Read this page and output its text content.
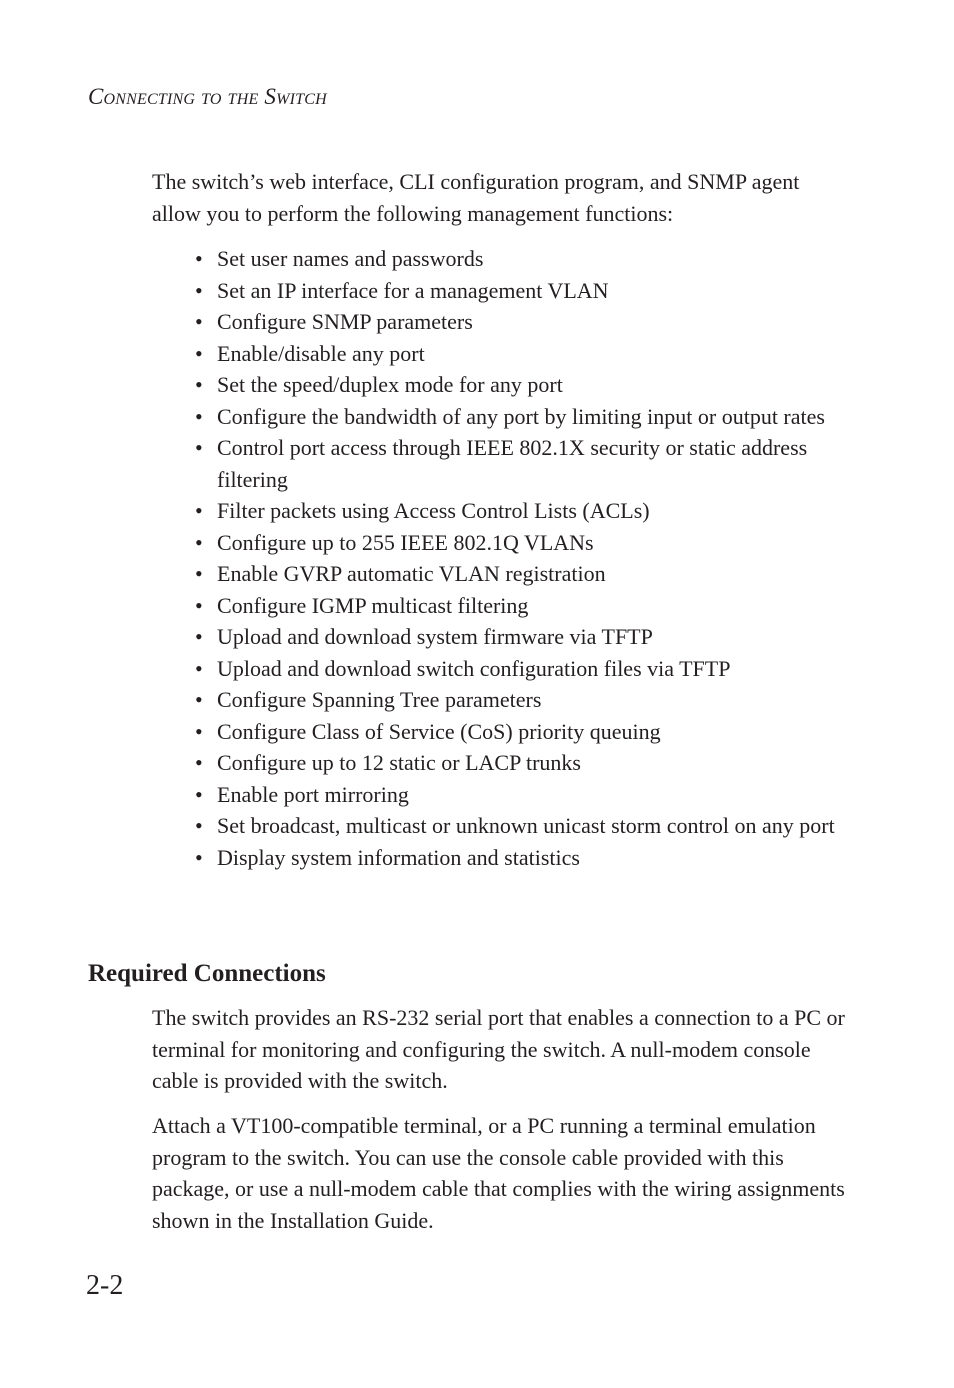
Connecting to the Switch

The switch’s web interface, CLI configuration program, and SNMP agent allow you to perform the following management functions:

• Set user names and passwords
• Set an IP interface for a management VLAN
• Configure SNMP parameters
• Enable/disable any port
• Set the speed/duplex mode for any port
• Configure the bandwidth of any port by limiting input or output rates
• Control port access through IEEE 802.1X security or static address filtering
• Filter packets using Access Control Lists (ACLs)
• Configure up to 255 IEEE 802.1Q VLANs
• Enable GVRP automatic VLAN registration
• Configure IGMP multicast filtering
• Upload and download system firmware via TFTP
• Upload and download switch configuration files via TFTP
• Configure Spanning Tree parameters
• Configure Class of Service (CoS) priority queuing
• Configure up to 12 static or LACP trunks
• Enable port mirroring
• Set broadcast, multicast or unknown unicast storm control on any port
• Display system information and statistics
Required Connections

The switch provides an RS-232 serial port that enables a connection to a PC or terminal for monitoring and configuring the switch. A null-modem console cable is provided with the switch.

Attach a VT100-compatible terminal, or a PC running a terminal emulation program to the switch. You can use the console cable provided with this package, or use a null-modem cable that complies with the wiring assignments shown in the Installation Guide.

2-2
